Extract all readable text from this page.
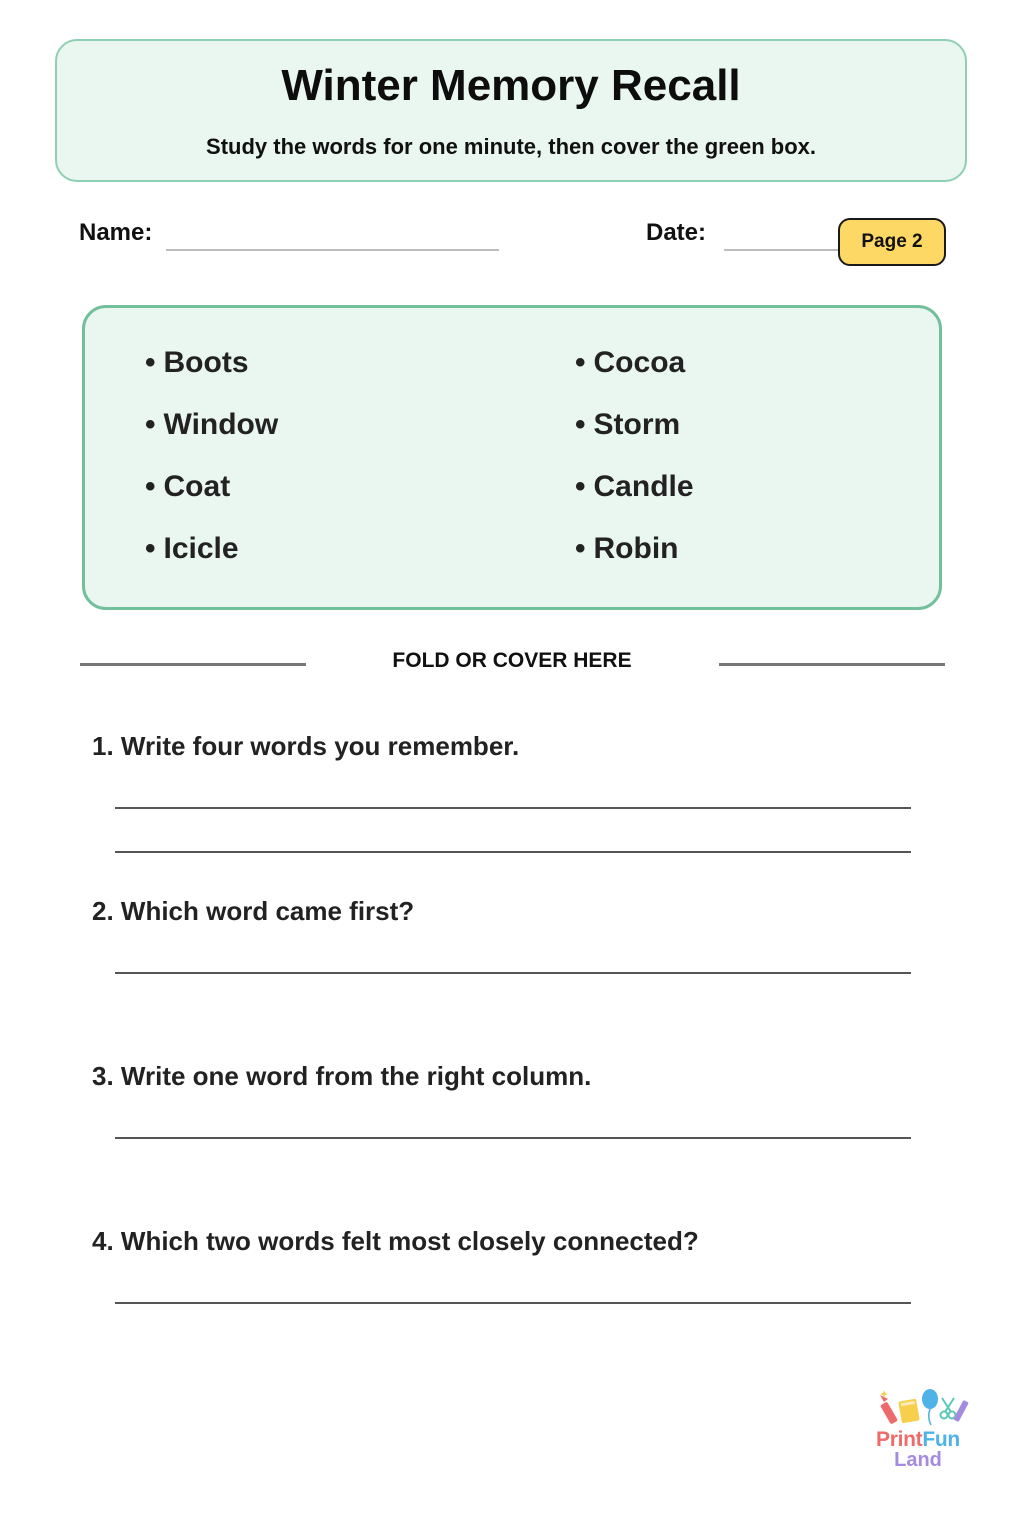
Winter Memory Recall
Study the words for one minute, then cover the green box.
Name:	Date:	Page 2
• Boots
• Window
• Coat
• Icicle
• Cocoa
• Storm
• Candle
• Robin
FOLD OR COVER HERE
1. Write four words you remember.
2. Which word came first?
3. Write one word from the right column.
4. Which two words felt most closely connected?
PrintFun
Land
